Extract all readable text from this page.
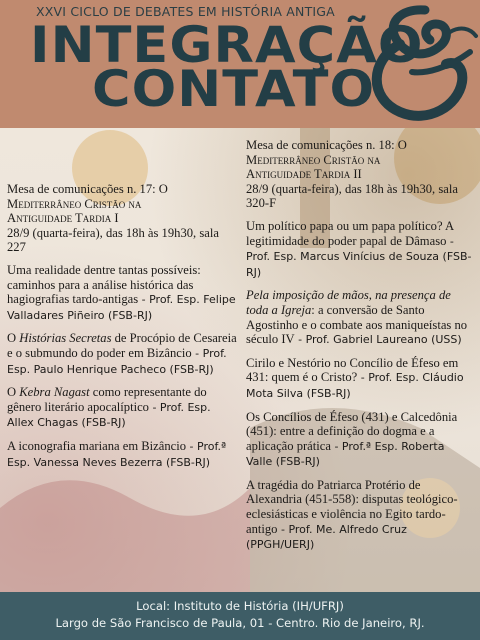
XXVI CICLO DE DEBATES EM HISTÓRIA ANTIGA
INTEGRAÇÃO
CONTATO
Mesa de comunicações n. 17: O
Mediterrâneo Cristão na
Antiguidade Tardia I
28/9 (quarta-feira), das 18h às 19h30, sala 227
Uma realidade dentre tantas possíveis: caminhos para a análise histórica das hagiografias tardo-antigas - Prof. Esp. Felipe Valladares Piñeiro (FSB-RJ)
O Histórias Secretas de Procópio de Cesareia e o submundo do poder em Bizâncio - Prof. Esp. Paulo Henrique Pacheco (FSB-RJ)
O Kebra Nagast como representante do gênero literário apocalíptico - Prof. Esp. Allex Chagas (FSB-RJ)
A iconografia mariana em Bizâncio - Prof.ª Esp. Vanessa Neves Bezerra (FSB-RJ)
Mesa de comunicações n. 18: O
Mediterrâneo Cristão na
Antiguidade Tardia II
28/9 (quarta-feira), das 18h às 19h30, sala 320-F
Um político papa ou um papa político? A legitimidade do poder papal de Dâmaso - Prof. Esp. Marcus Vinícius de Souza (FSB-RJ)
Pela imposição de mãos, na presença de toda a Igreja: a conversão de Santo Agostinho e o combate aos maniqueístas no século IV - Prof. Gabriel Laureano (USS)
Cirilo e Nestório no Concílio de Éfeso em 431: quem é o Cristo? - Prof. Esp. Cláudio Mota Silva (FSB-RJ)
Os Concílios de Éfeso (431) e Calcedônia (451): entre a definição do dogma e a aplicação prática - Prof.ª Esp. Roberta Valle (FSB-RJ)
A tragédia do Patriarca Protério de Alexandria (451-558): disputas teológico-eclesiásticas e violência no Egito tardo-antigo - Prof. Me. Alfredo Cruz (PPGH/UERJ)
Local: Instituto de História (IH/UFRJ)
Largo de São Francisco de Paula, 01 - Centro. Rio de Janeiro, RJ.
